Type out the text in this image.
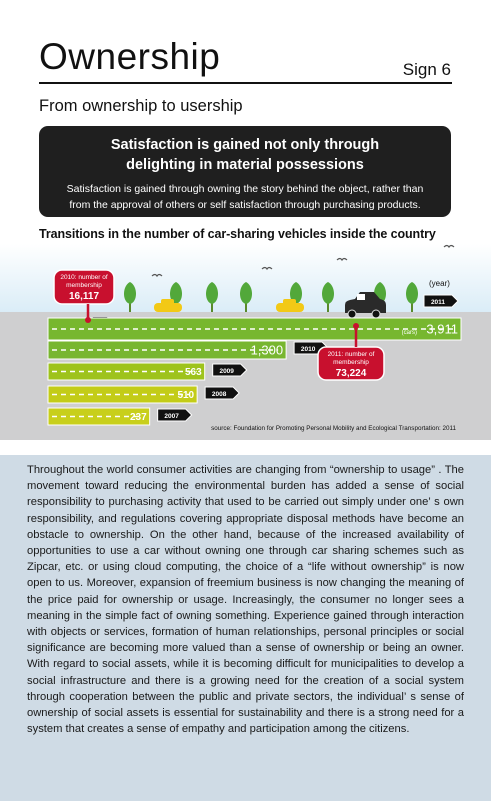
Ownership	Sign 6
From ownership to usership
Satisfaction is gained not only through
delighting in material possessions
Satisfaction is gained through owning the story behind the object, rather than
from the approval of others or self satisfaction through purchasing products.
Transitions in the number of car-sharing vehicles inside the country
3,911
2011
(cars)
1,300	2010
563	2009
510	2008
237	2007
2010: number of
membership
16,117
2011: number of
membership
73,224
(year)
source: Foundation for Promoting Personal Mobility and Ecological Transportation: 2011

Throughout the world consumer activities are changing from “ownership to usage” . The movement toward reducing the environmental burden has added a sense of social responsibility to purchasing activity that used to be carried out simply under one’ s own responsibility, and regulations covering appropriate disposal methods have become an obstacle to ownership. On the other hand, because of the increased availability of opportunities to use a car without owning one through car sharing schemes such as Zipcar, etc. or using cloud computing, the choice of a “life without ownership” is now open to us. Moreover, expansion of freemium business is now changing the meaning of the price paid for ownership or usage. Increasingly, the consumer no longer sees a meaning in the simple fact of owning something. Experience gained through interaction with objects or services, formation of human relationships, personal principles or social significance are becoming more valued than a sense of ownership or being an owner. With regard to social assets, while it is becoming difficult for municipalities to develop a social infrastructure and there is a growing need for the creation of a social system through cooperation between the public and private sectors, the individual’ s sense of ownership of social assets is essential for sustainability and there is a strong need for a system that creates a sense of empathy and participation among the citizens.
